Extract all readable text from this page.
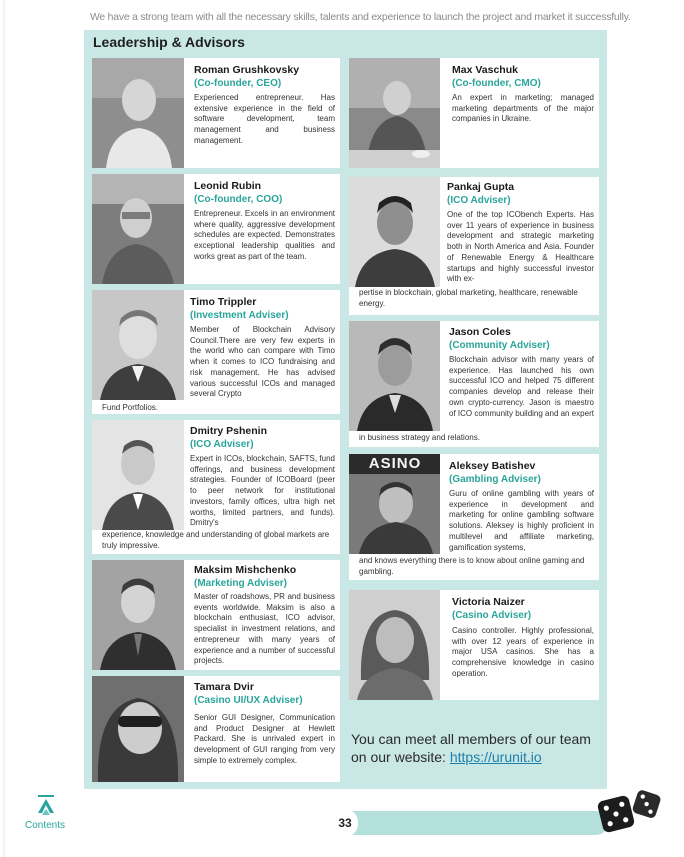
We have a strong team with all the necessary skills, talents and experience to launch the project and market it successfully.
Leadership & Advisors
Roman Grushkovsky
(Co-founder, CEO)
Experienced entrepreneur. Has extensive experience in the field of software development, team management and business management.
Leonid Rubin
(Co-founder, COO)
Entrepreneur. Excels in an environment where quality, aggressive development schedules are expected. Demonstrates exceptional leadership qualities and works great as part of the team.
Timo Trippler
(Investment Adviser)
Member of Blockchain Advisory Council.There are very few experts in the world who can compare with Timo when it comes to ICO fundraising and risk management. He has advised various successful ICOs and managed several Crypto
Fund Portfolios.
Dmitry Pshenin
(ICO Adviser)
Expert in ICOs, blockchain, SAFTS, fund offerings, and business development strategies. Founder of ICOBoard (peer to peer network for institutional investors, family offices, ultra high net worths, limited partners, and funds). Dmitry's
experience, knowledge and understanding of global markets are truly impressive.
Maksim Mishchenko
(Marketing Adviser)
Master of roadshows, PR and business events worldwide. Maksim is also a blockchain enthusiast, ICO advisor, specialist in investment relations, and entrepreneur with many years of experience and a number of successful projects.
Tamara Dvir
(Casino UI/UX Adviser)
Senior GUI Designer, Communication and Product Designer at Hewlett Packard. She is unrivaled expert in development of GUI ranging from very simple to extremely complex.
Max Vaschuk
(Co-founder, CMO)
An expert in marketing; managed marketing departments of the major companies in Ukraine.
Pankaj Gupta
(ICO Adviser)
One of the top ICObench Experts. Has over 11 years of experience in business development and strategic marketing both in North America and Asia. Founder of Renewable Energy & Healthcare startups and highly successful investor with ex-
pertise in blockchain, global marketing, healthcare, renewable energy.
Jason Coles
(Community Adviser)
Blockchain advisor with many years of experience. Has launched his own successful ICO and helped 75 different companies develop and release their own crypto-currency. Jason is maestro of ICO community building and an expert
in business strategy and relations.
ASINO	Aleksey Batishev
(Gambling Adviser)
Guru of online gambling with years of experience in development and marketing for online gambling software solutions. Aleksey is highly proficient in multilevel and affiliate marketing, gamification systems,
and knows everything there is to know about online gaming and gambling.
Victoria Naizer
(Casino Adviser)
Casino controller. Highly professional, with over 12 years of experience in major USA casinos. She has a comprehensive knowledge in casino operation.
You can meet all members of our team on our website: https://urunit.io
33
Contents
